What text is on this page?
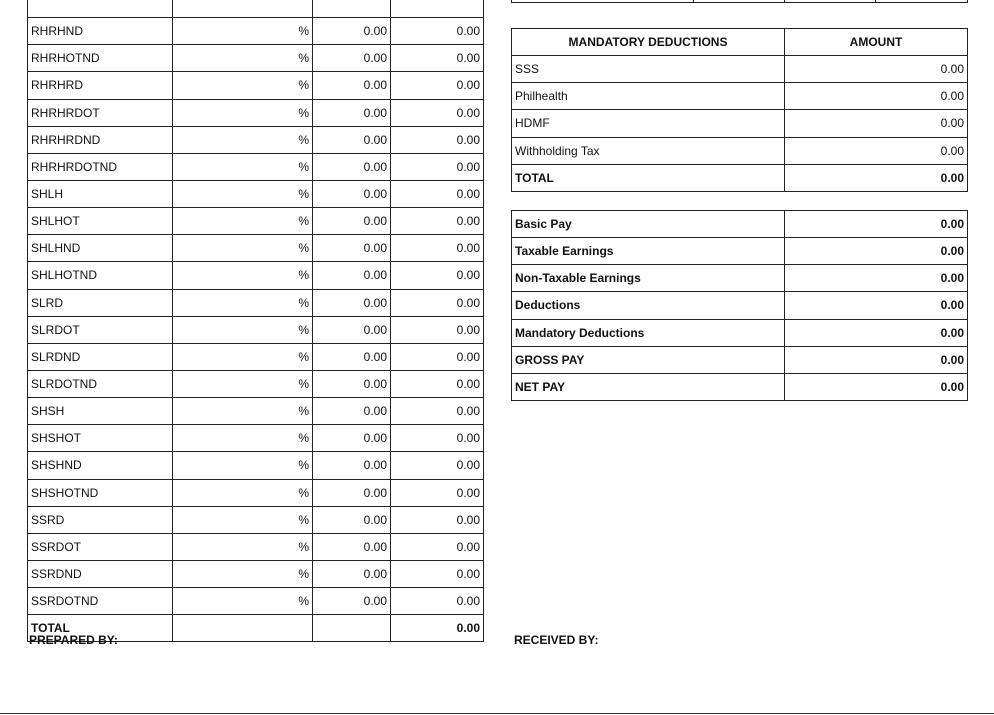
RHRHND	%	0.00	0.00
RHRHOTND	%	0.00	0.00
RHRHRD	%	0.00	0.00
RHRHRDOT	%	0.00	0.00
RHRHRDND	%	0.00	0.00
RHRHRDOTND	%	0.00	0.00
SHLH	%	0.00	0.00
SHLHOT	%	0.00	0.00
SHLHND	%	0.00	0.00
SHLHOTND	%	0.00	0.00
SLRD	%	0.00	0.00
SLRDOT	%	0.00	0.00
SLRDND	%	0.00	0.00
SLRDOTND	%	0.00	0.00
SHSH	%	0.00	0.00
SHSHOT	%	0.00	0.00
SHSHND	%	0.00	0.00
SHSHOTND	%	0.00	0.00
SSRD	%	0.00	0.00
SSRDOT	%	0.00	0.00
SSRDND	%	0.00	0.00
SSRDOTND	%	0.00	0.00
TOTAL			0.00

MANDATORY DEDUCTIONS	AMOUNT
SSS	0.00
Philhealth	0.00
HDMF	0.00
Withholding Tax	0.00
TOTAL	0.00
Basic Pay	0.00
Taxable Earnings	0.00
Non-Taxable Earnings	0.00
Deductions	0.00
Mandatory Deductions	0.00
GROSS PAY	0.00
NET PAY	0.00
PREPARED BY:	RECEIVED BY:
